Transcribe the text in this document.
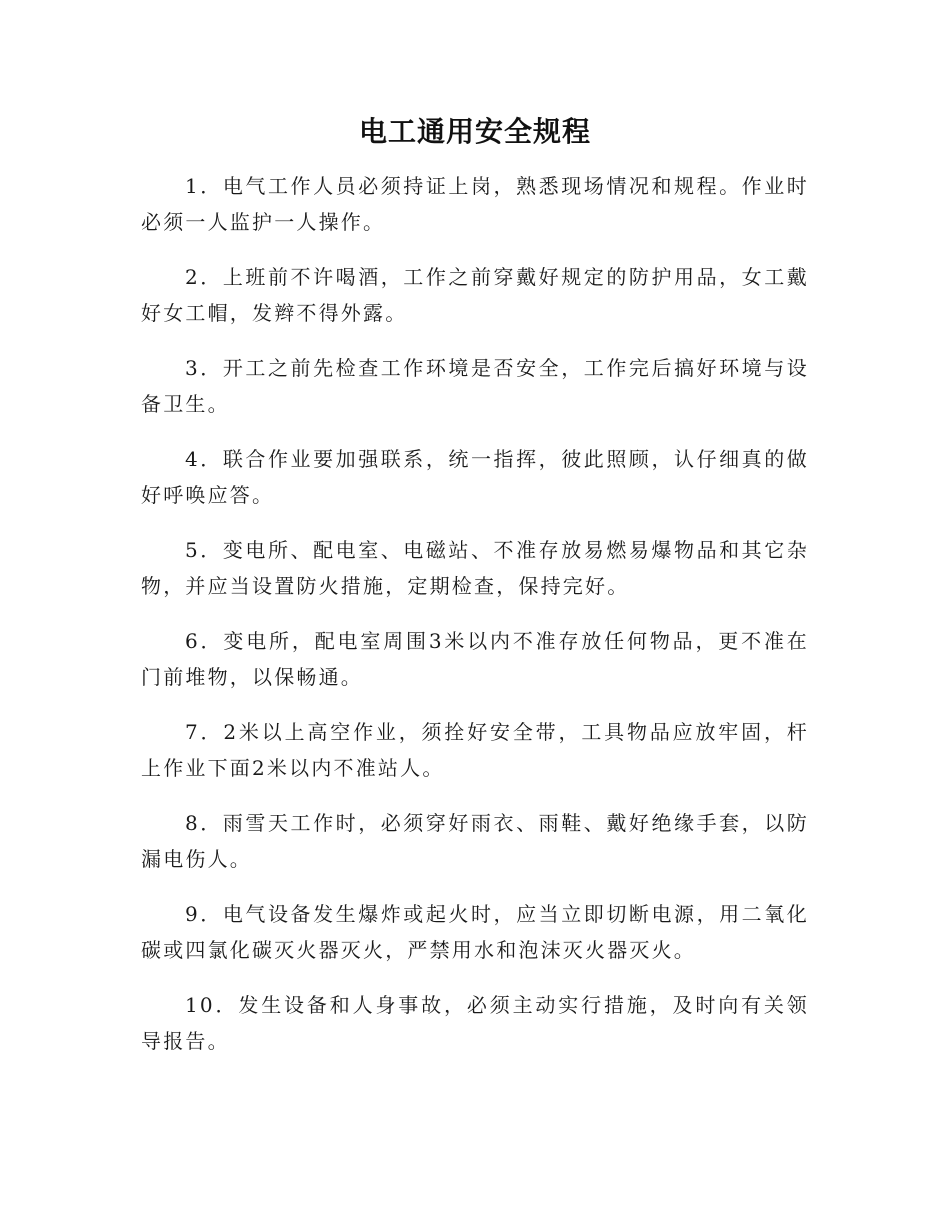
电工通用安全规程
1．电气工作人员必须持证上岗，熟悉现场情况和规程。作业时必须一人监护一人操作。
2．上班前不许喝酒，工作之前穿戴好规定的防护用品，女工戴好女工帽，发辫不得外露。
3．开工之前先检查工作环境是否安全，工作完后搞好环境与设备卫生。
4．联合作业要加强联系，统一指挥，彼此照顾，认仔细真的做好呼唤应答。
5．变电所、配电室、电磁站、不准存放易燃易爆物品和其它杂物，并应当设置防火措施，定期检查，保持完好。
6．变电所，配电室周围3米以内不准存放任何物品，更不准在门前堆物，以保畅通。
7．2米以上高空作业，须拴好安全带，工具物品应放牢固，杆上作业下面2米以内不准站人。
8．雨雪天工作时，必须穿好雨衣、雨鞋、戴好绝缘手套，以防漏电伤人。
9．电气设备发生爆炸或起火时，应当立即切断电源，用二氧化碳或四氯化碳灭火器灭火，严禁用水和泡沫灭火器灭火。
10．发生设备和人身事故，必须主动实行措施，及时向有关领导报告。
